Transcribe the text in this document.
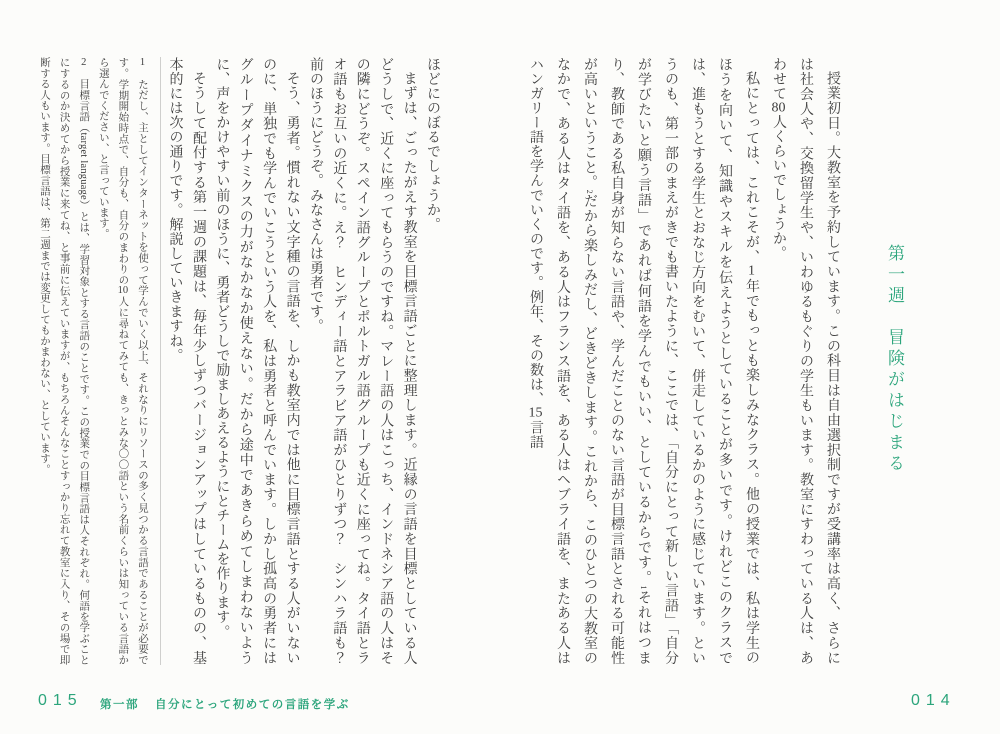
第一週　冒険がはじまる

授業初日。大教室を予約しています。この科目は自由選択制ですが受講率は高く、さらには社会人や、交換留学生や、いわゆるもぐりの学生もいます。教室にすわっている人は、あわせて80人くらいでしょうか。

私にとっては、これこそが、1年でもっとも楽しみなクラス。他の授業では、私は学生のほうを向いて、知識やスキルを伝えようとしていることが多いです。けれどこのクラスでは、進もうとする学生とおなじ方向をむいて、併走しているかのように感じています。というのも、第一部のまえがきでも書いたように、ここでは、「自分にとって新しい言語」「自分が学びたいと願う言語」であれば何語を学んでもいい、としているからです。1それはつまり、教師である私自身が知らない言語や、学んだことのない言語が目標言語とされる可能性が高いということ。2だから楽しみだし、どきどきします。これから、このひとつの大教室のなかで、ある人はタイ語を、ある人はフランス語を、ある人はヘブライ語を、またある人はハンガリー語を学んでいくのです。例年、その数は、15言語

014

ほどにのぼるでしょうか。

まずは、ごったがえす教室を目標言語ごとに整理します。近縁の言語を目標としている人どうしで、近くに座ってもらうのですね。マレー語の人はこっち、インドネシア語の人はその隣にどうぞ。スペイン語グループとポルトガル語グループも近くに座ってね。タイ語とラオ語もお互いの近くに。え？　ヒンディー語とアラビア語がひとりずつ？　シンハラ語も？　前のほうにどうぞ。みなさんは勇者です。

そう、勇者。慣れない文字種の言語を、しかも教室内では他に目標言語とする人がいないのに、単独でも学んでいこうという人を、私は勇者と呼んでいます。しかし孤高の勇者にはグループダイナミクスの力がなかなか使えない。だから途中であきらめてしまわないように、声をかけやすい前のほうに、勇者どうしで励ましあえるようにとチームを作ります。

そうして配付する第一週の課題は、毎年少しずつバージョンアップはしているものの、基本的には次の通りです。解説していきますね。

1　ただし、主としてインターネットを使って学んでいく以上、それなりにリソースの多く見つかる言語であることが必要です。学期開始時点で、自分も、自分のまわりの10人に尋ねてみても、きっとみな〇〇語という名前くらいは知っている言語から選んでください、と言っています。

2　目標言語（target language）とは、学習対象とする言語のことです。この授業での目標言語は人それぞれ。何語を学ぶことにするのか決めてから授業に来てね、と事前に伝えていますが、もちろんそんなことすっかり忘れて教室に入り、その場で即断する人もいます。目標言語は、第二週までは変更してもかまわない、としています。

015 第一部 自分にとって初めての言語を学ぶ
